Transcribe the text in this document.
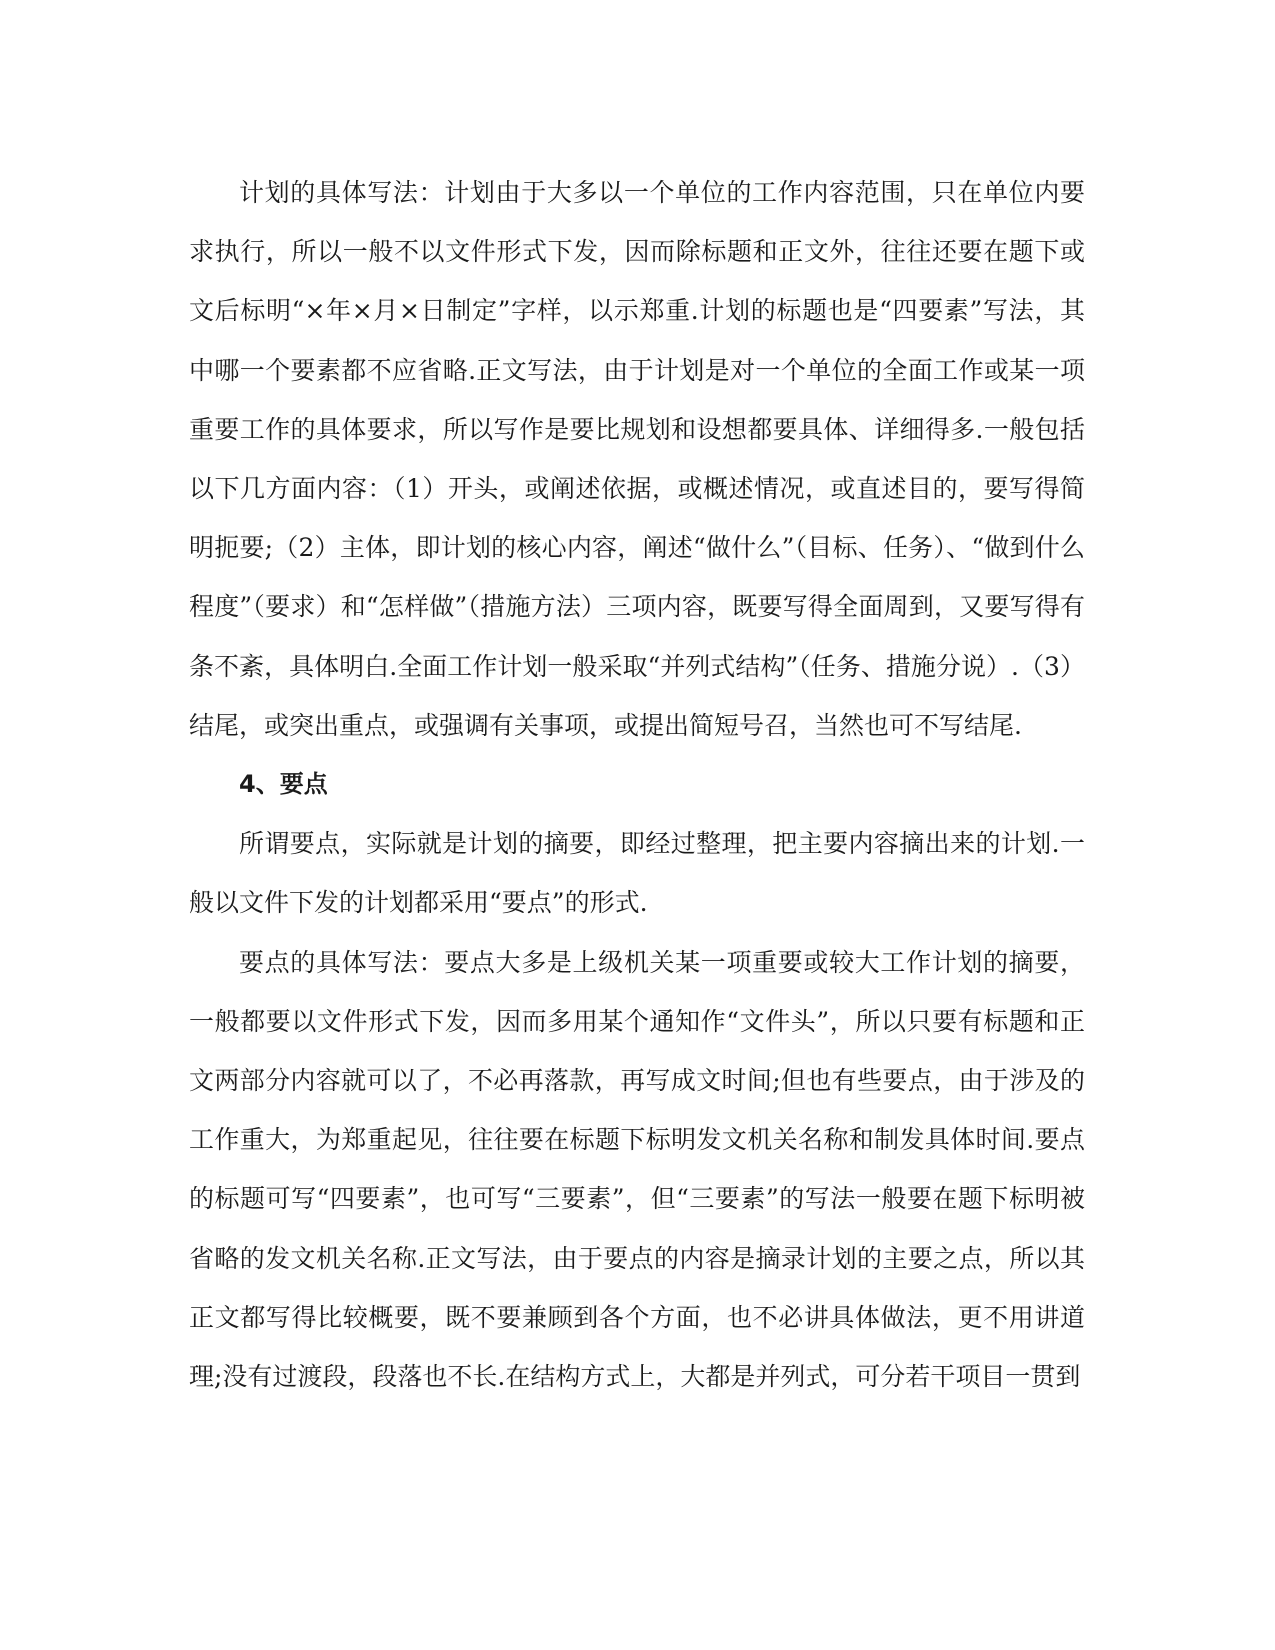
计划的具体写法：计划由于大多以一个单位的工作内容范围，只在单位内要求执行，所以一般不以文件形式下发，因而除标题和正文外，往往还要在题下或文后标明“×年×月×日制定”字样，以示郑重.计划的标题也是“四要素”写法，其中哪一个要素都不应省略.正文写法，由于计划是对一个单位的全面工作或某一项重要工作的具体要求，所以写作是要比规划和设想都要具体、详细得多.一般包括以下几方面内容：（1）开头，或阐述依据，或概述情况，或直述目的，要写得简明扼要;（2）主体，即计划的核心内容，阐述“做什么”（目标、任务）、“做到什么程度”（要求）和“怎样做”（措施方法）三项内容，既要写得全面周到，又要写得有条不紊，具体明白.全面工作计划一般采取“并列式结构”（任务、措施分说）.（3）结尾，或突出重点，或强调有关事项，或提出简短号召，当然也可不写结尾.

4、要点

所谓要点，实际就是计划的摘要，即经过整理，把主要内容摘出来的计划.一般以文件下发的计划都采用“要点”的形式.

要点的具体写法：要点大多是上级机关某一项重要或较大工作计划的摘要，一般都要以文件形式下发，因而多用某个通知作“文件头”，所以只要有标题和正文两部分内容就可以了，不必再落款，再写成文时间;但也有些要点，由于涉及的工作重大，为郑重起见，往往要在标题下标明发文机关名称和制发具体时间.要点的标题可写“四要素”，也可写“三要素”，但“三要素”的写法一般要在题下标明被省略的发文机关名称.正文写法，由于要点的内容是摘录计划的主要之点，所以其正文都写得比较概要，既不要兼顾到各个方面，也不必讲具体做法，更不用讲道理;没有过渡段，段落也不长.在结构方式上，大都是并列式，可分若干项目一贯到
